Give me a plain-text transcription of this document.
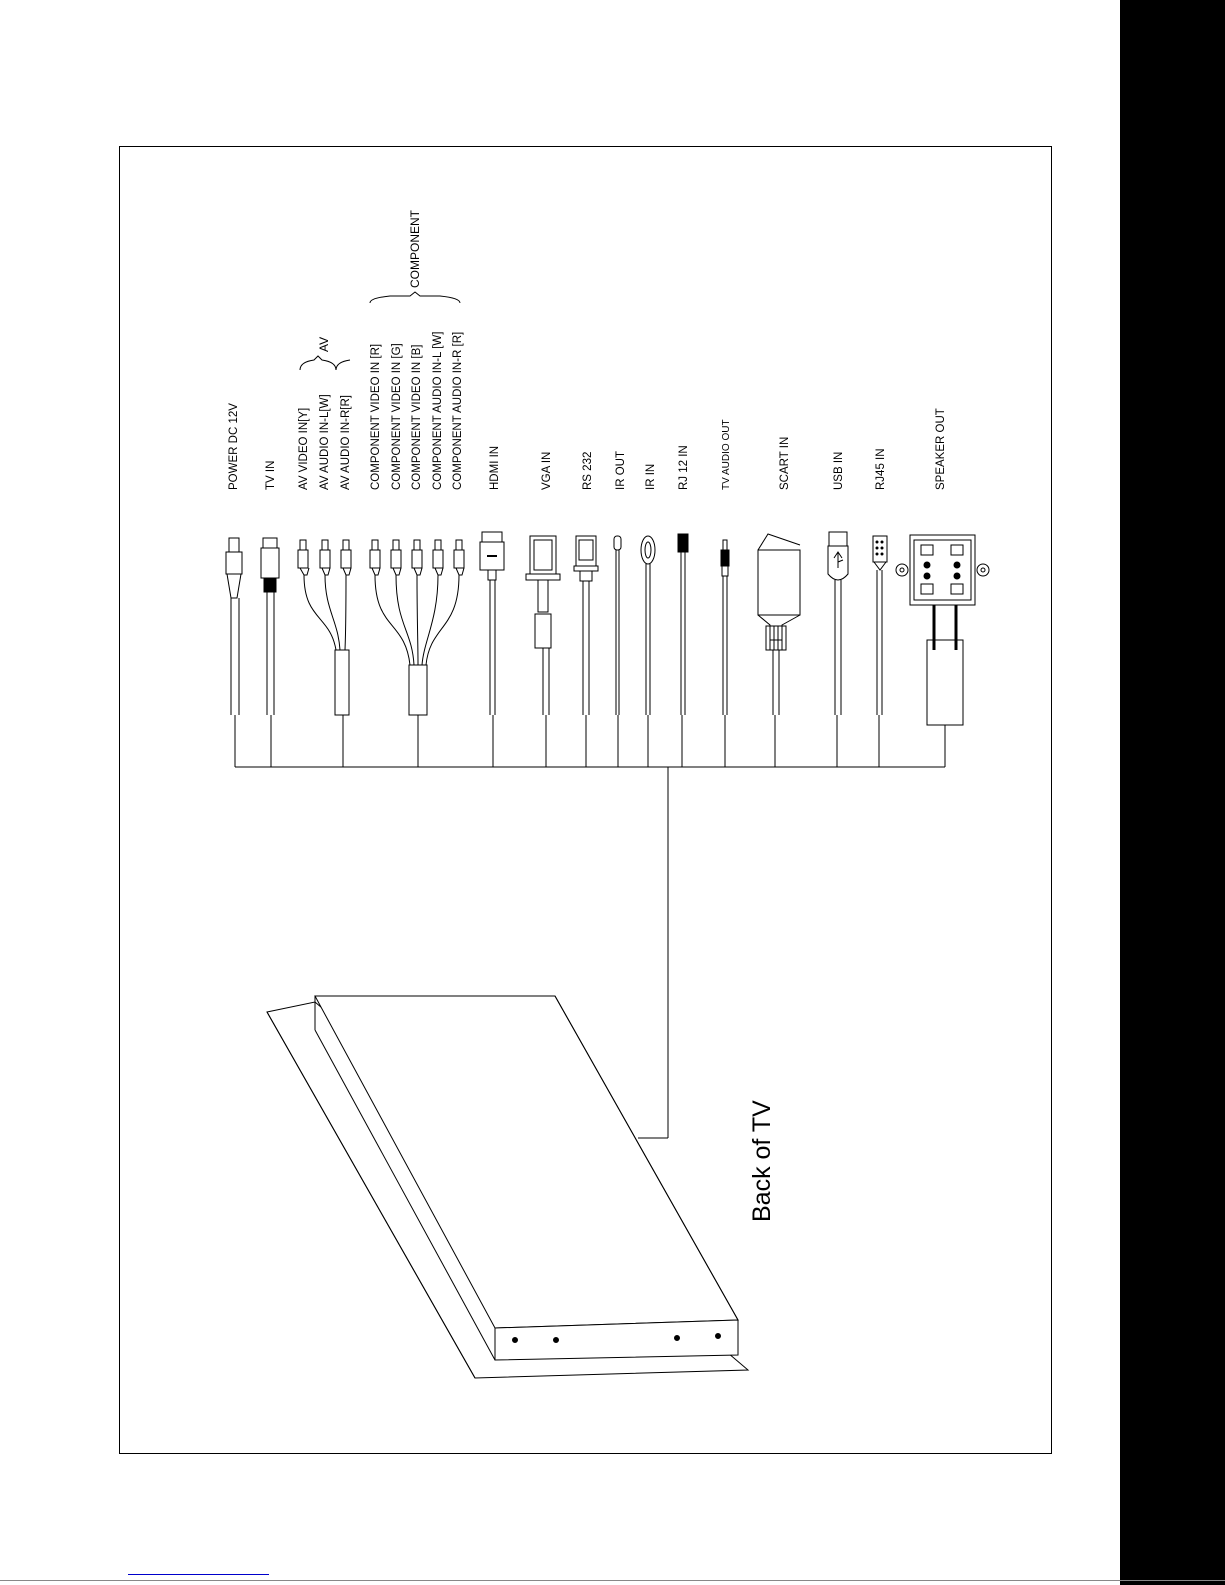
POWER DC 12V TV IN AV VIDEO IN[Y] AV AUDIO IN-L[W] AV AUDIO IN-R[R] COMPONENT VIDEO IN [R] COMPONENT VIDEO IN [G] COMPONENT VIDEO IN [B] COMPONENT AUDIO IN-L [W] COMPONENT AUDIO IN-R [R] HDMI IN	VGA IN	RS 232 IR OUT IR IN RJ 12 IN	TV AUDIO OUT	SCART IN	USB IN	RJ45 IN	SPEAKER OUT
AV
COMPONENT
Back of TV
